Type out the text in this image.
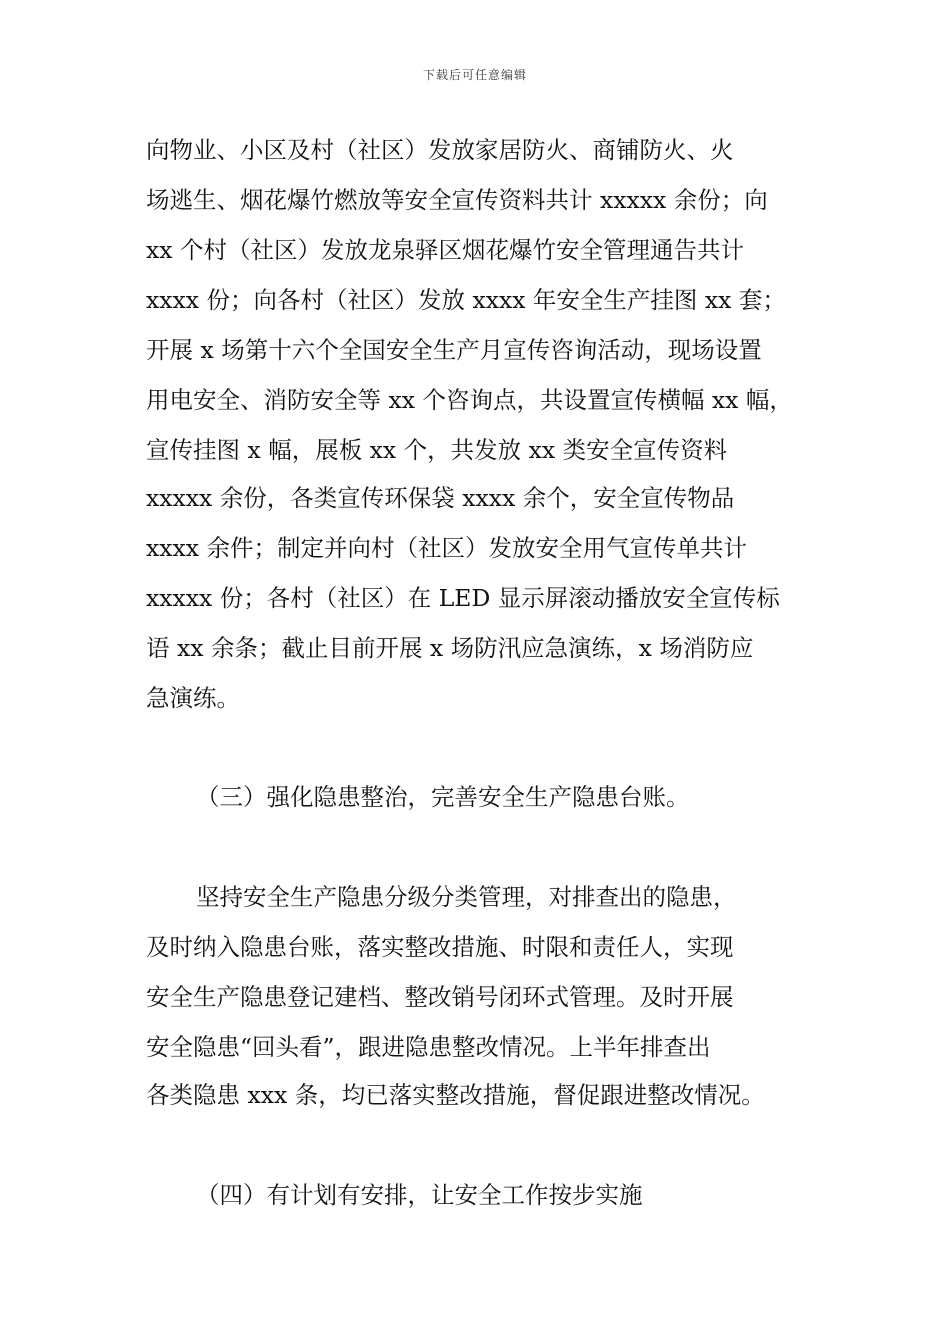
下载后可任意编辑
向物业、小区及村（社区）发放家居防火、商铺防火、火
场逃生、烟花爆竹燃放等安全宣传资料共计 xxxxx 余份；向
xx 个村（社区）发放龙泉驿区烟花爆竹安全管理通告共计
xxxx 份；向各村（社区）发放 xxxx 年安全生产挂图 xx 套；
开展 x 场第十六个全国安全生产月宣传咨询活动，现场设置
用电安全、消防安全等 xx 个咨询点，共设置宣传横幅 xx 幅，
宣传挂图 x 幅，展板 xx 个，共发放 xx 类安全宣传资料
xxxxx 余份，各类宣传环保袋 xxxx 余个，安全宣传物品
xxxx 余件；制定并向村（社区）发放安全用气宣传单共计
xxxxx 份；各村（社区）在 LED 显示屏滚动播放安全宣传标
语 xx 余条；截止目前开展 x 场防汛应急演练，x 场消防应
急演练。
（三）强化隐患整治，完善安全生产隐患台账。
坚持安全生产隐患分级分类管理，对排查出的隐患，
及时纳入隐患台账，落实整改措施、时限和责任人，实现
安全生产隐患登记建档、整改销号闭环式管理。及时开展
安全隐患“回头看”，跟进隐患整改情况。上半年排查出
各类隐患 xxx 条，均已落实整改措施，督促跟进整改情况。
（四）有计划有安排，让安全工作按步实施
